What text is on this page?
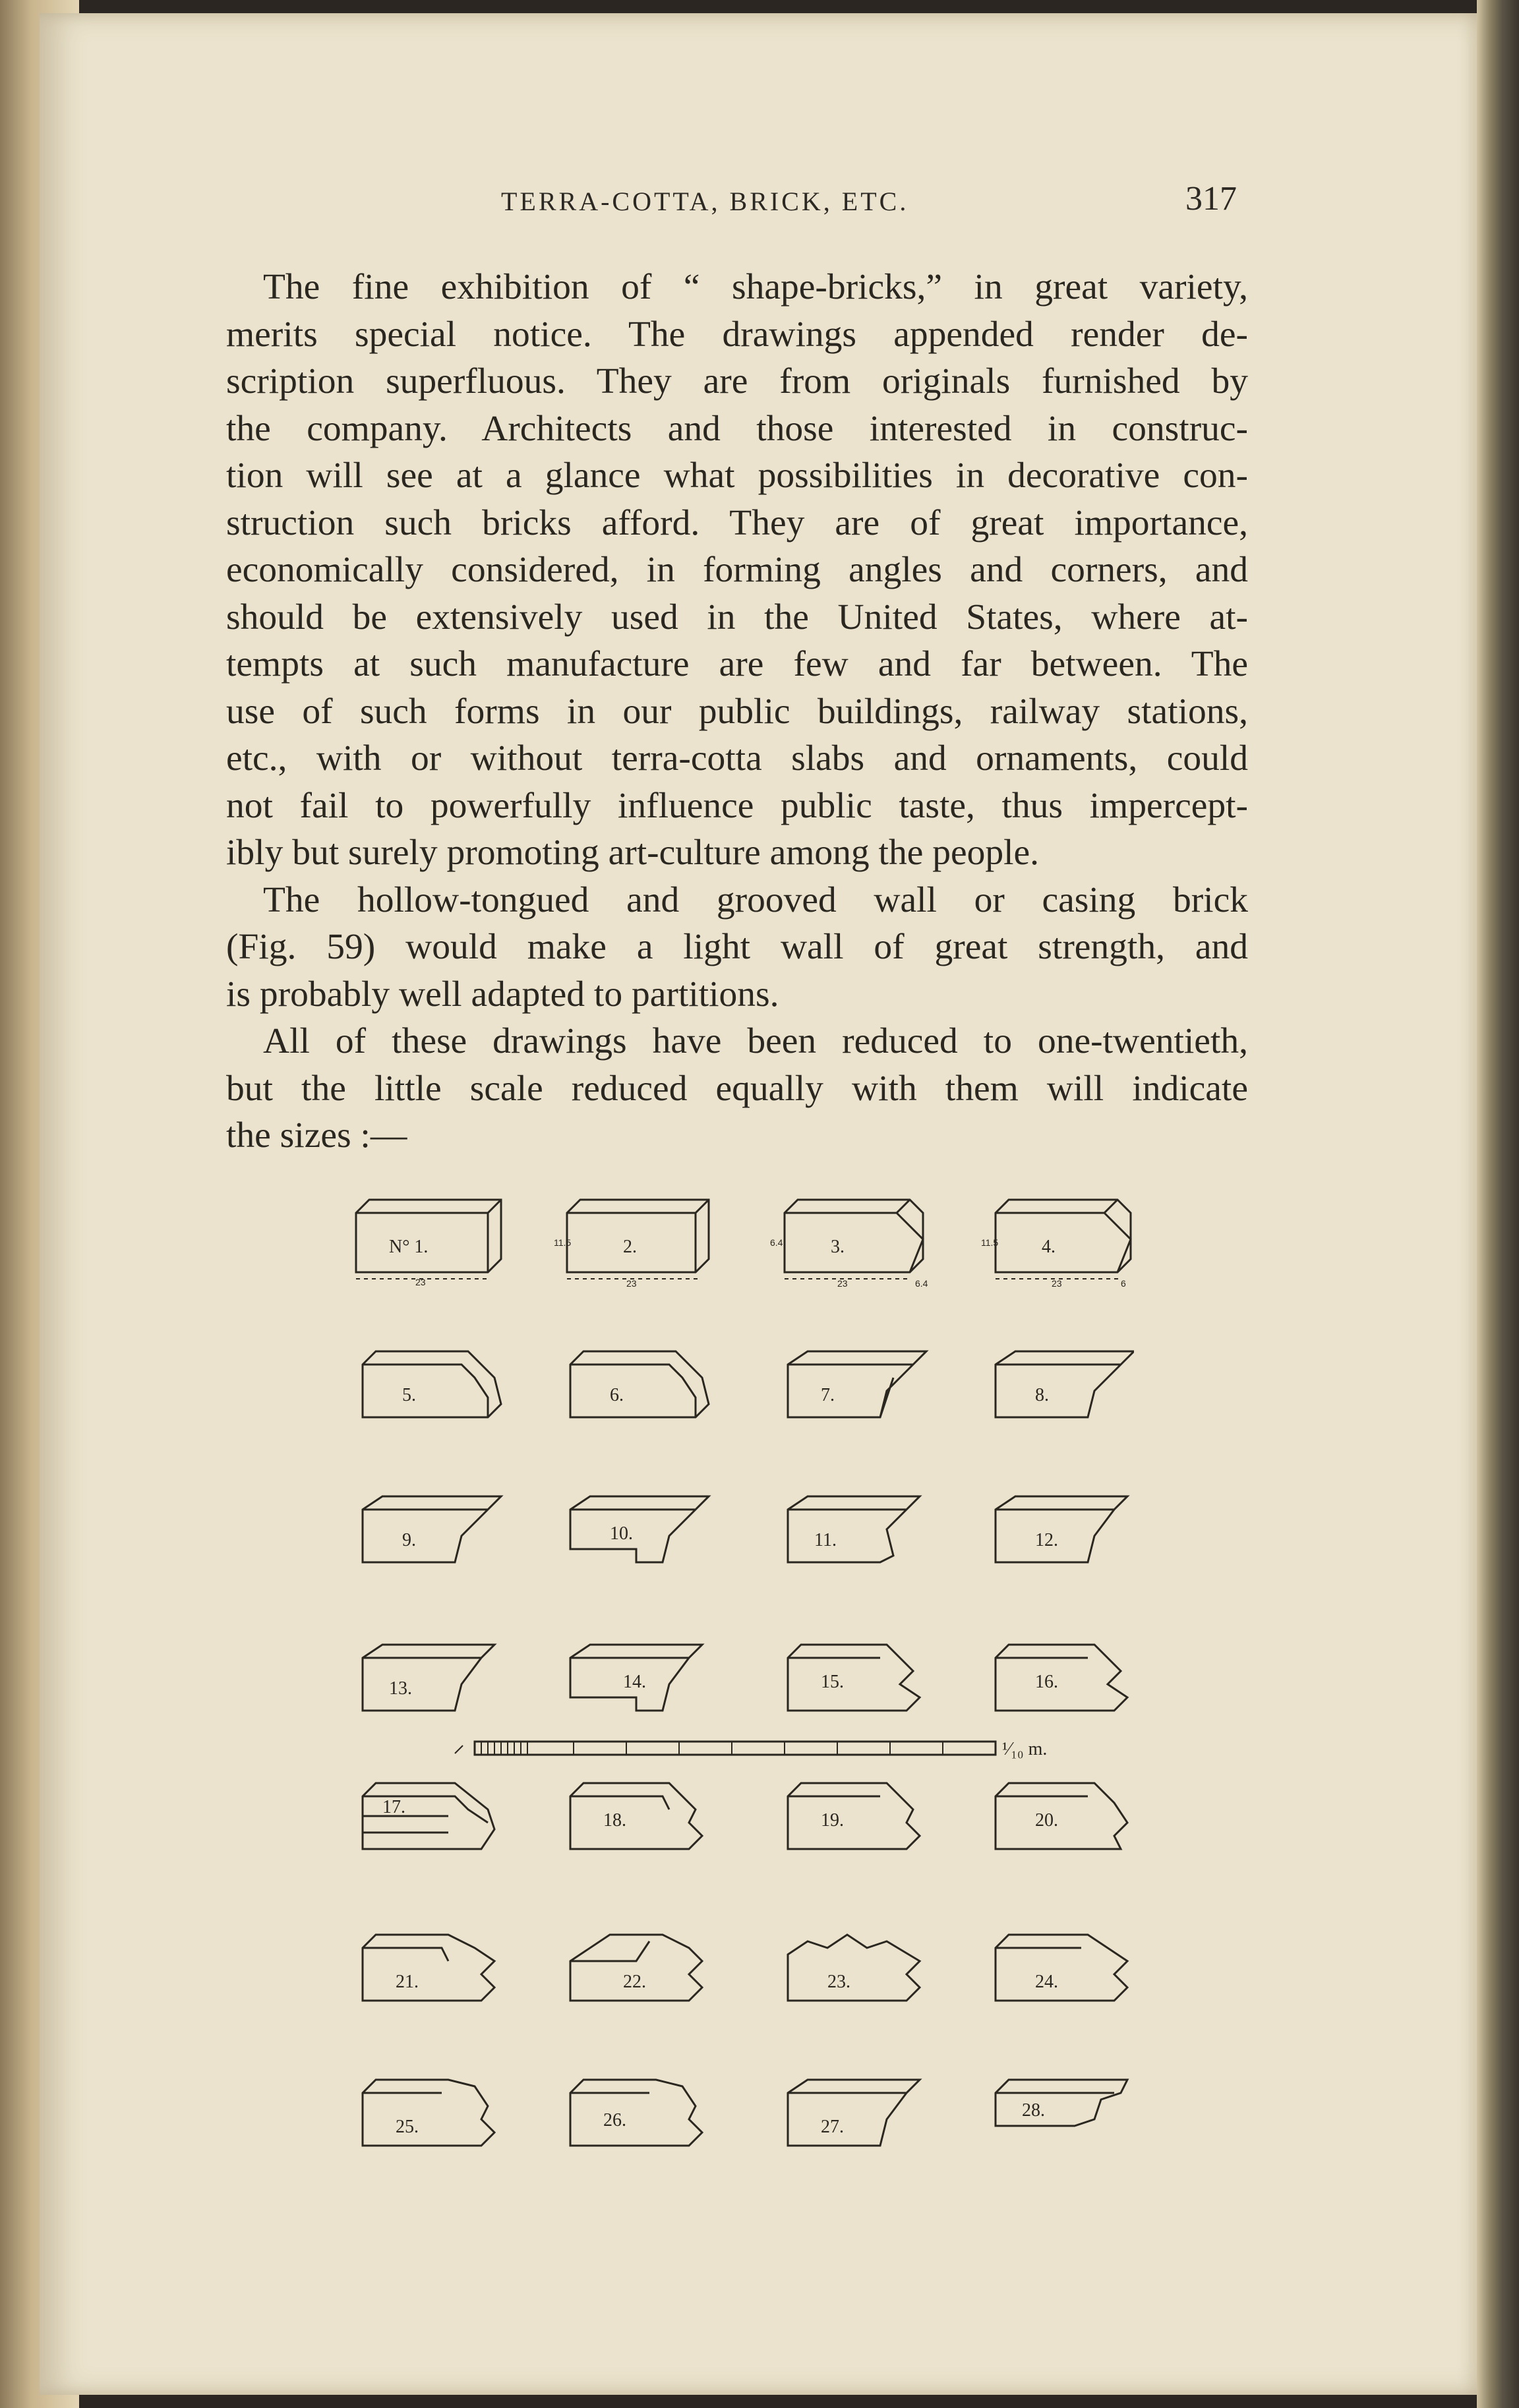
TERRA-COTTA, BRICK, ETC.	317

The fine exhibition of “ shape-bricks,” in great variety,
merits special notice. The drawings appended render de-
scription superfluous. They are from originals furnished by
the company. Architects and those interested in construc-
tion will see at a glance what possibilities in decorative con-
struction such bricks afford. They are of great importance,
economically considered, in forming angles and corners, and
should be extensively used in the United States, where at-
tempts at such manufacture are few and far between. The
use of such forms in our public buildings, railway stations,
etc., with or without terra-cotta slabs and ornaments, could
not fail to powerfully influence public taste, thus impercept-
ibly but surely promoting art-culture among the people.

The hollow-tongued and grooved wall or casing brick
(Fig. 59) would make a light wall of great strength, and
is probably well adapted to partitions.

All of these drawings have been reduced to one-twentieth,
but the little scale reduced equally with them will indicate
the sizes :—

N° 1.
23
2.
11.5
23
3.
6.4
23	6.4
4.
11.5
23	6
5.	6.	7.	8.
9.	10.	11.	12.
13.	14.	15.	16.
¹⁄₁₀ m.
17.
18.	19.	20.
21.	22.	23.	24.
25.	26.	27.
28.
